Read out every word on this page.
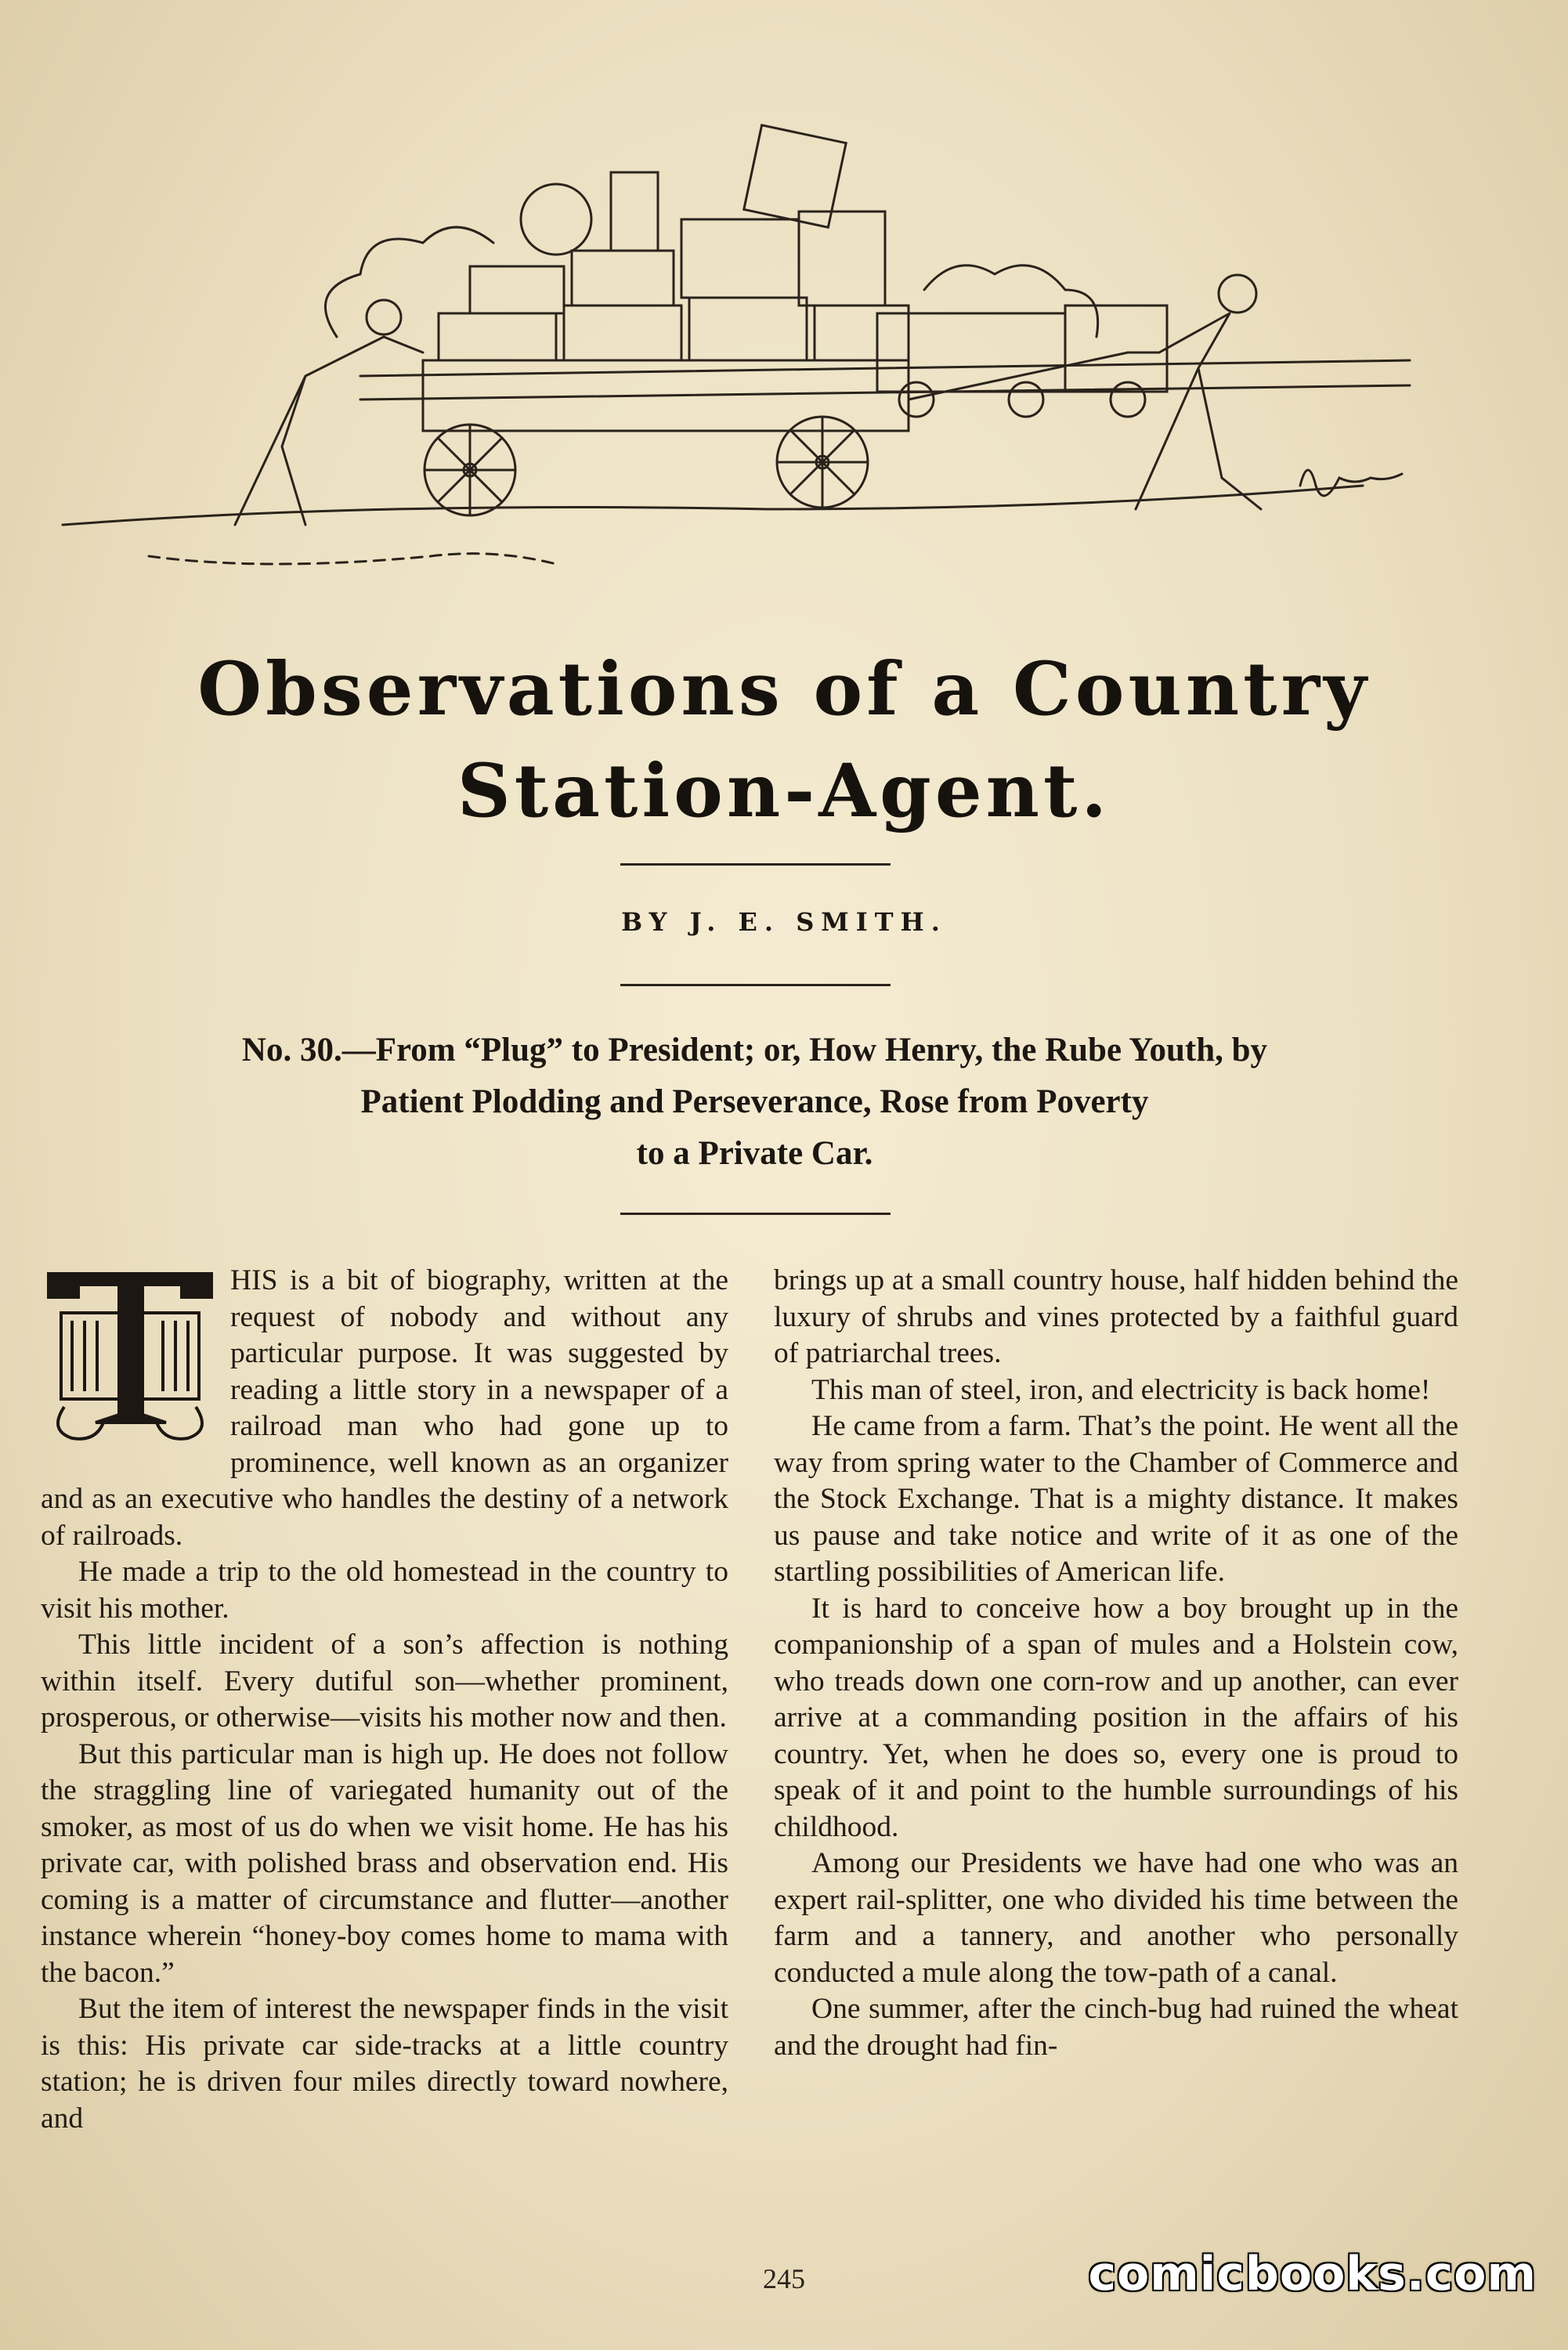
Observations of a Country
Station-Agent.
BY J. E. SMITH.
No. 30.—From “Plug” to President; or, How Henry, the Rube Youth, by
Patient Plodding and Perseverance, Rose from Poverty
to a Private Car.

HIS is a bit of biography, written at the request of nobody and without any particular purpose. It was suggested by reading a little story in a newspaper of a railroad man who had gone up to prominence, well known as an organizer and as an executive who handles the destiny of a network of railroads.

He made a trip to the old homestead in the country to visit his mother.

This little incident of a son’s affection is nothing within itself. Every dutiful son—whether prominent, prosperous, or otherwise—visits his mother now and then.

But this particular man is high up. He does not follow the straggling line of variegated humanity out of the smoker, as most of us do when we visit home. He has his private car, with polished brass and observation end. His coming is a matter of circumstance and flutter—another instance wherein “honey-boy comes home to mama with the bacon.”

But the item of interest the newspaper finds in the visit is this: His private car side-tracks at a little country station; he is driven four miles directly toward nowhere, and

brings up at a small country house, half hidden behind the luxury of shrubs and vines protected by a faithful guard of patriarchal trees.

This man of steel, iron, and electricity is back home!

He came from a farm. That’s the point. He went all the way from spring water to the Chamber of Commerce and the Stock Exchange. That is a mighty distance. It makes us pause and take notice and write of it as one of the startling possibilities of American life.

It is hard to conceive how a boy brought up in the companionship of a span of mules and a Holstein cow, who treads down one corn-row and up another, can ever arrive at a commanding position in the affairs of his country. Yet, when he does so, every one is proud to speak of it and point to the humble surroundings of his childhood.

Among our Presidents we have had one who was an expert rail-splitter, one who divided his time between the farm and a tannery, and another who personally conducted a mule along the tow-path of a canal.

One summer, after the cinch-bug had ruined the wheat and the drought had fin-

245	comicbooks.com
